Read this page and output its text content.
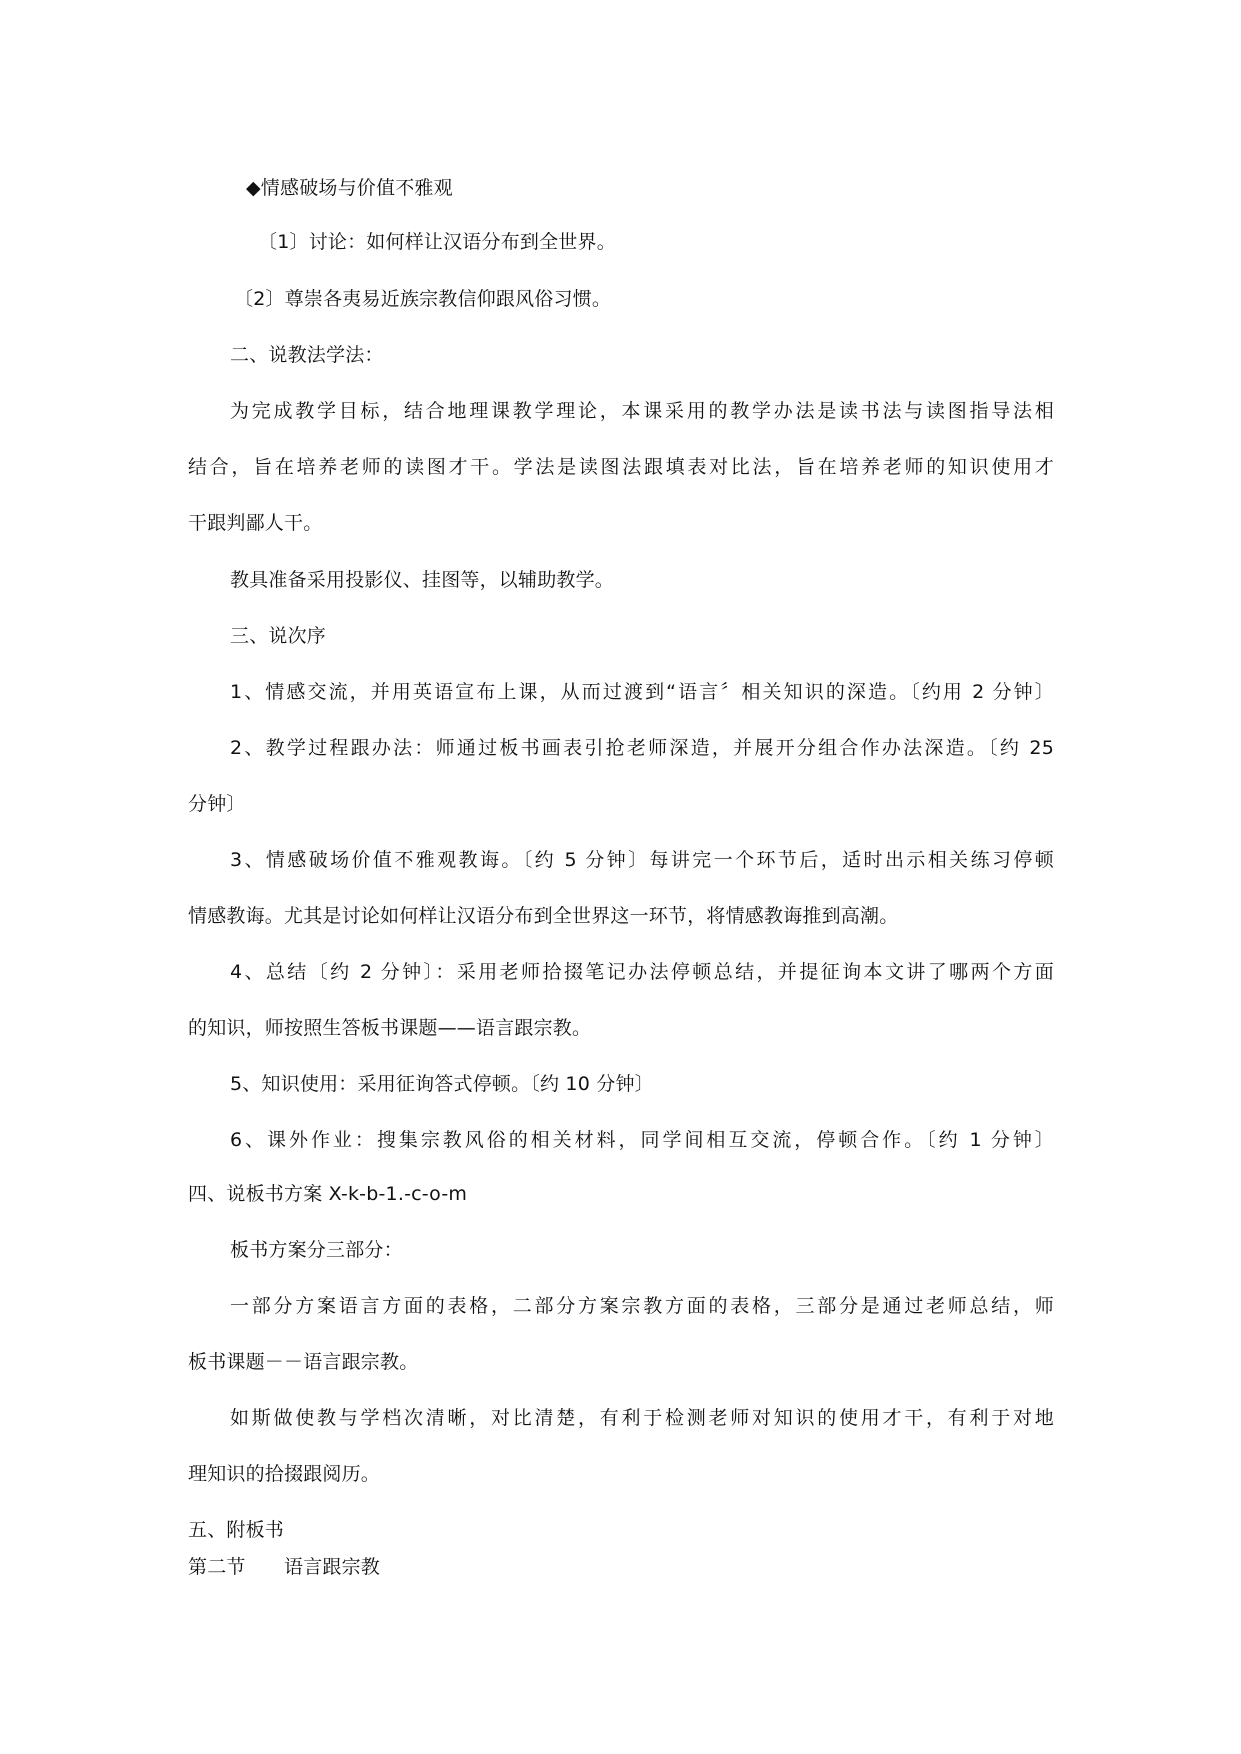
◆情感破场与价值不雅观
〔1〕讨论：如何样让汉语分布到全世界。
〔2〕尊崇各夷易近族宗教信仰跟风俗习惯。
二、说教法学法：
为完成教学目标，结合地理课教学理论，本课采用的教学办法是读书法与读图指导法相
结合，旨在培养老师的读图才干。学法是读图法跟填表对比法，旨在培养老师的知识使用才
干跟判鄙人干。
教具准备采用投影仪、挂图等，以辅助教学。
三、说次序
1、情感交流，并用英语宣布上课，从而过渡到“语言〞相关知识的深造。〔约用 2 分钟〕
2、教学过程跟办法：师通过板书画表引抢老师深造，并展开分组合作办法深造。〔约 25
分钟〕
3、情感破场价值不雅观教诲。〔约 5 分钟〕每讲完一个环节后，适时出示相关练习停顿
情感教诲。尤其是讨论如何样让汉语分布到全世界这一环节，将情感教诲推到高潮。
4、总结〔约 2 分钟〕：采用老师拾掇笔记办法停顿总结，并提征询本文讲了哪两个方面
的知识，师按照生答板书课题——语言跟宗教。
5、知识使用：采用征询答式停顿。〔约 10 分钟〕
6、课外作业：搜集宗教风俗的相关材料，同学间相互交流，停顿合作。〔约 1 分钟〕
四、说板书方案 X-k-b-1.-c-o-m
板书方案分三部分：
一部分方案语言方面的表格，二部分方案宗教方面的表格，三部分是通过老师总结，师
板书课题－－语言跟宗教。
如斯做使教与学档次清晰，对比清楚，有利于检测老师对知识的使用才干，有利于对地
理知识的拾掇跟阅历。
五、附板书
第二节　　语言跟宗教
